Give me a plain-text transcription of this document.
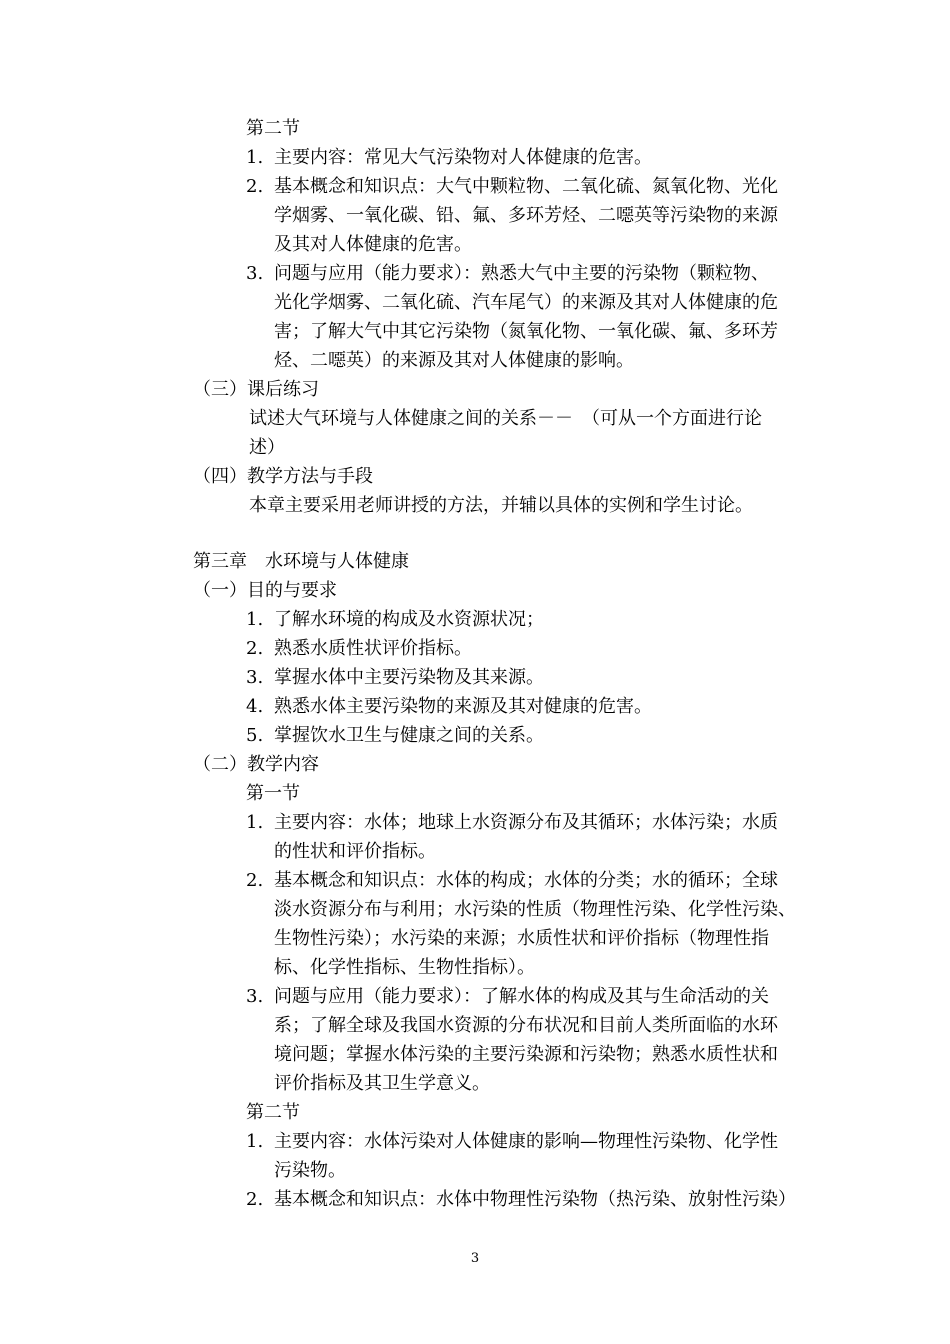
第二节
1. 主要内容：常见大气污染物对人体健康的危害。
2. 基本概念和知识点：大气中颗粒物、二氧化硫、氮氧化物、光化
学烟雾、一氧化碳、铅、氟、多环芳烃、二噁英等污染物的来源
及其对人体健康的危害。
3. 问题与应用（能力要求）：熟悉大气中主要的污染物（颗粒物、
光化学烟雾、二氧化硫、汽车尾气）的来源及其对人体健康的危
害；了解大气中其它污染物（氮氧化物、一氧化碳、氟、多环芳
烃、二噁英）的来源及其对人体健康的影响。
（三）课后练习
试述大气环境与人体健康之间的关系－－　（可从一个方面进行论
述）
（四）教学方法与手段
本章主要采用老师讲授的方法，并辅以具体的实例和学生讨论。
第三章　水环境与人体健康
（一）目的与要求
1. 了解水环境的构成及水资源状况；
2. 熟悉水质性状评价指标。
3. 掌握水体中主要污染物及其来源。
4. 熟悉水体主要污染物的来源及其对健康的危害。
5. 掌握饮水卫生与健康之间的关系。
（二）教学内容
第一节
1. 主要内容：水体；地球上水资源分布及其循环；水体污染；水质
的性状和评价指标。
2. 基本概念和知识点：水体的构成；水体的分类；水的循环；全球
淡水资源分布与利用；水污染的性质（物理性污染、化学性污染、
生物性污染）；水污染的来源；水质性状和评价指标（物理性指
标、化学性指标、生物性指标）。
3. 问题与应用（能力要求）：了解水体的构成及其与生命活动的关
系；了解全球及我国水资源的分布状况和目前人类所面临的水环
境问题；掌握水体污染的主要污染源和污染物；熟悉水质性状和
评价指标及其卫生学意义。
第二节
1. 主要内容：水体污染对人体健康的影响—物理性污染物、化学性
污染物。
2. 基本概念和知识点：水体中物理性污染物（热污染、放射性污染）
3
